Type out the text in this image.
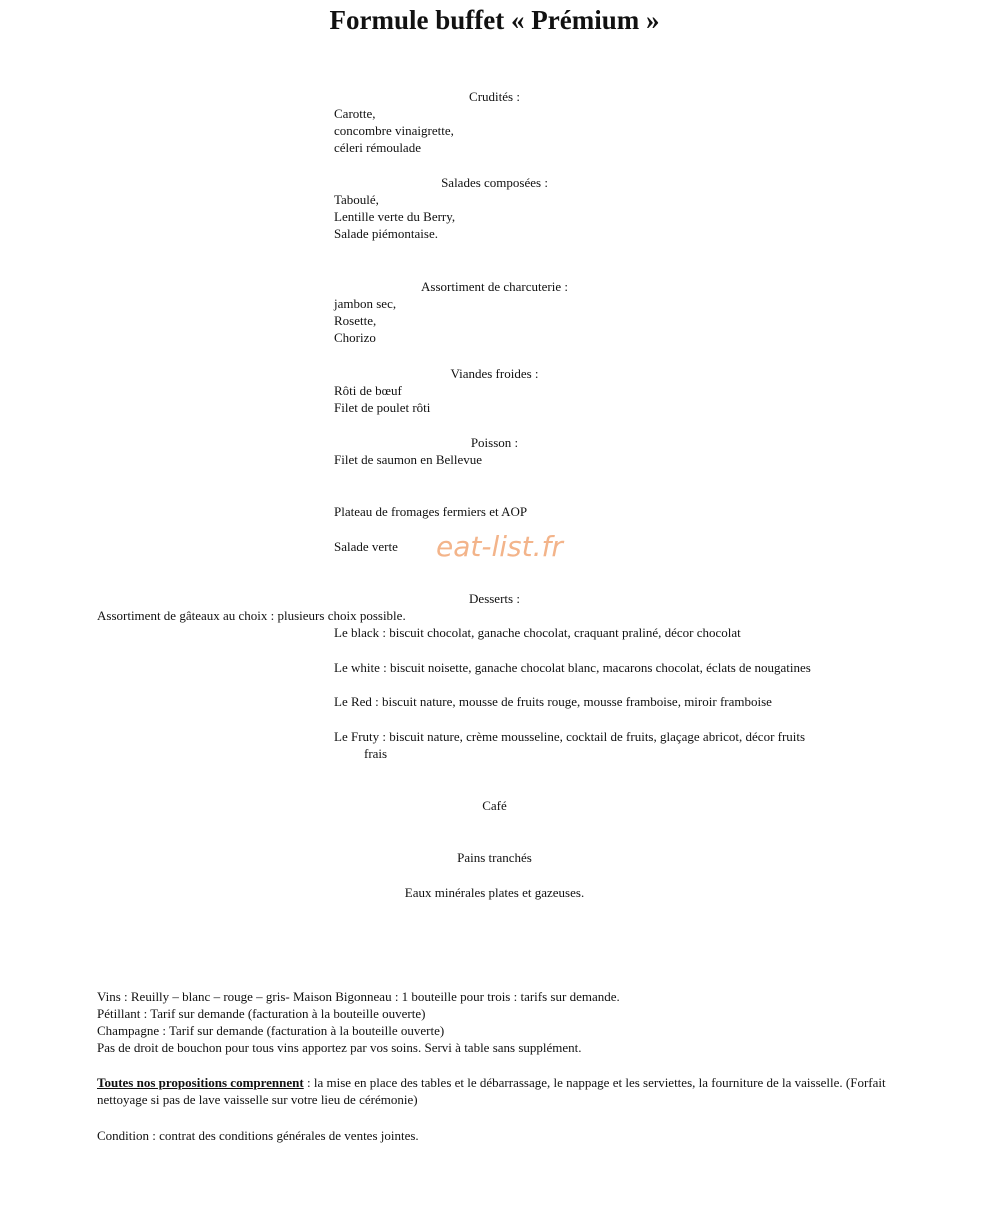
Formule buffet « Prémium »
Crudités :
Carotte,
concombre vinaigrette,
céleri rémoulade
Salades composées :
Taboulé,
Lentille verte du Berry,
Salade piémontaise.
Assortiment de charcuterie :
jambon sec,
Rosette,
Chorizo
Viandes froides :
Rôti de bœuf
Filet de poulet rôti
Poisson :
Filet de saumon en Bellevue
Plateau de fromages fermiers et AOP
Salade verte	eat-list.fr
Desserts :
Assortiment de gâteaux au choix : plusieurs choix possible.
Le black : biscuit chocolat, ganache chocolat, craquant praliné, décor chocolat
Le white : biscuit noisette, ganache chocolat blanc, macarons chocolat, éclats de nougatines
Le Red : biscuit nature, mousse de fruits rouge, mousse framboise, miroir framboise
Le Fruty : biscuit nature, crème mousseline, cocktail de fruits, glaçage abricot, décor fruits
frais
Café
Pains tranchés
Eaux minérales plates et gazeuses.
Vins : Reuilly – blanc – rouge – gris- Maison Bigonneau : 1 bouteille pour trois : tarifs sur demande.
Pétillant : Tarif sur demande (facturation à la bouteille ouverte)
Champagne : Tarif sur demande (facturation à la bouteille ouverte)
Pas de droit de bouchon pour tous vins apportez par vos soins. Servi à table sans supplément.
Toutes nos propositions comprennent : la mise en place des tables et le débarrassage, le nappage et les serviettes, la fourniture de la vaisselle. (Forfait nettoyage si pas de lave vaisselle sur votre lieu de cérémonie)
Condition : contrat des conditions générales de ventes jointes.
